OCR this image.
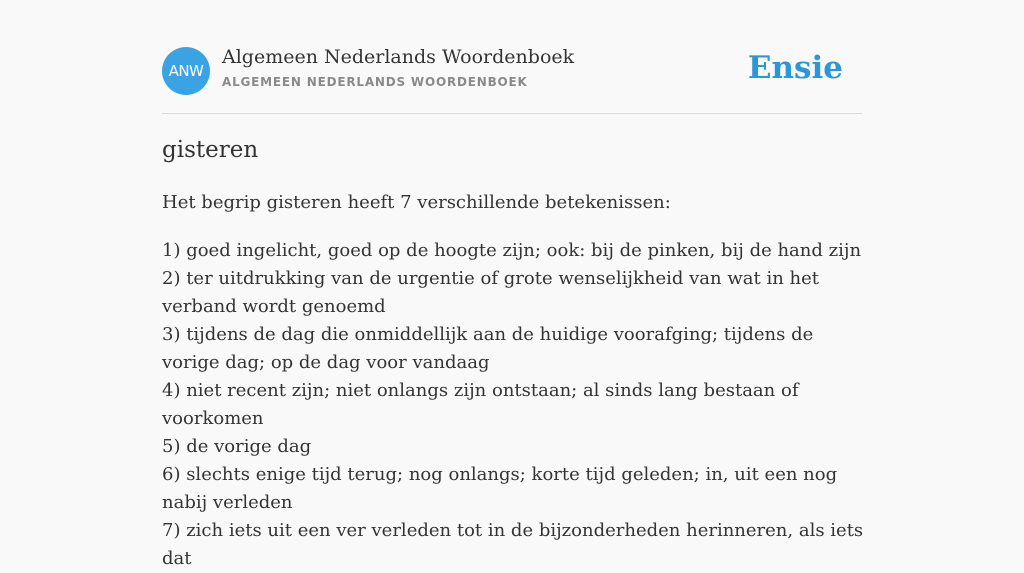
ANW
Algemeen Nederlands Woordenboek
ALGEMEEN NEDERLANDS WOORDENBOEK	Ensie
gisteren
Het begrip gisteren heeft 7 verschillende betekenissen:
1) goed ingelicht, goed op de hoogte zijn; ook: bij de pinken, bij de hand zijn
2) ter uitdrukking van de urgentie of grote wenselijkheid van wat in het verband wordt genoemd
3) tijdens de dag die onmiddellijk aan de huidige voorafging; tijdens de vorige dag; op de dag voor vandaag
4) niet recent zijn; niet onlangs zijn ontstaan; al sinds lang bestaan of voorkomen
5) de vorige dag
6) slechts enige tijd terug; nog onlangs; korte tijd geleden; in, uit een nog nabij verleden
7) zich iets uit een ver verleden tot in de bijzonderheden herinneren, als iets dat
